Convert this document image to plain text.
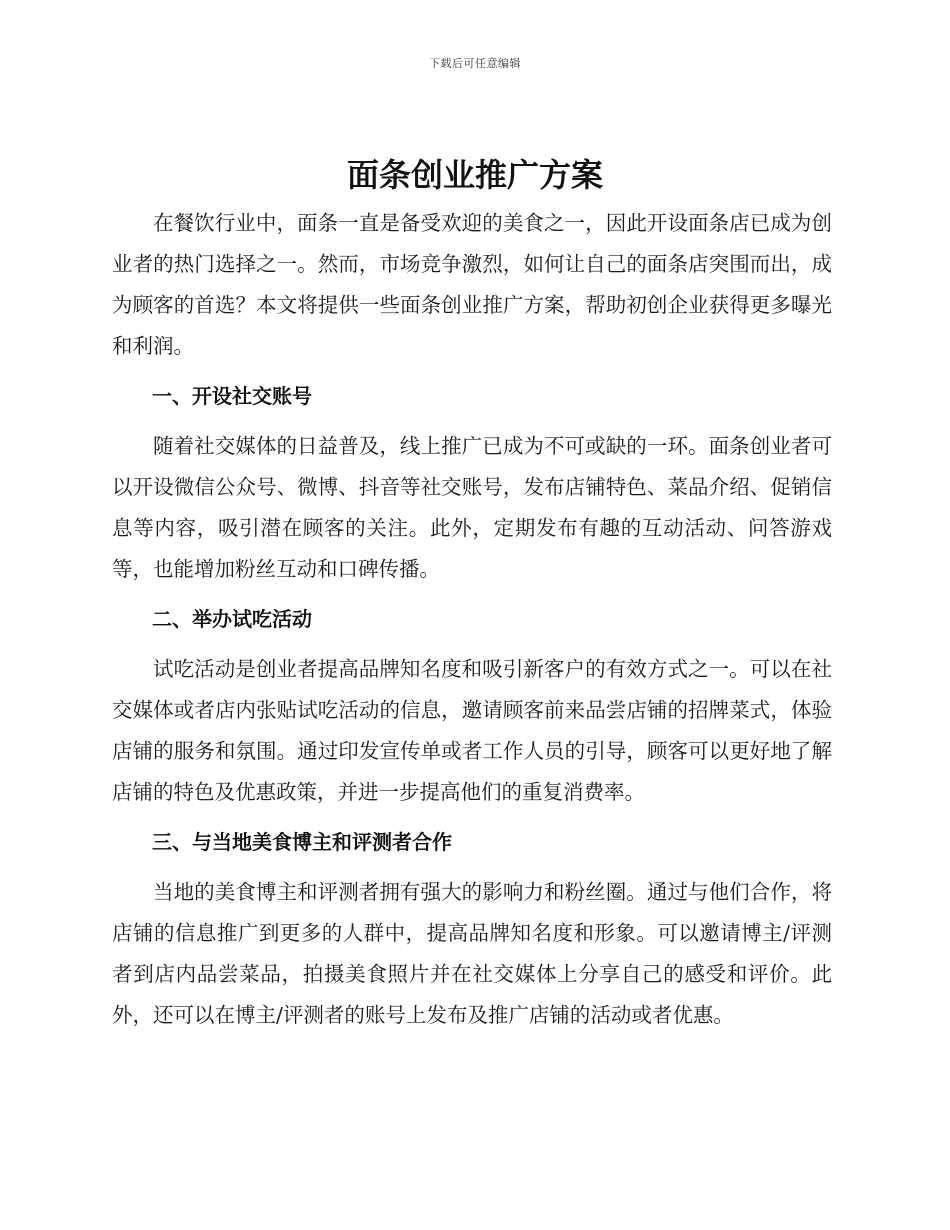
下载后可任意编辑
面条创业推广方案

在餐饮行业中，面条一直是备受欢迎的美食之一，因此开设面条店已成为创业者的热门选择之一。然而，市场竞争激烈，如何让自己的面条店突围而出，成为顾客的首选？本文将提供一些面条创业推广方案，帮助初创企业获得更多曝光和利润。

一、开设社交账号

随着社交媒体的日益普及，线上推广已成为不可或缺的一环。面条创业者可以开设微信公众号、微博、抖音等社交账号，发布店铺特色、菜品介绍、促销信息等内容，吸引潜在顾客的关注。此外，定期发布有趣的互动活动、问答游戏等，也能增加粉丝互动和口碑传播。

二、举办试吃活动

试吃活动是创业者提高品牌知名度和吸引新客户的有效方式之一。可以在社交媒体或者店内张贴试吃活动的信息，邀请顾客前来品尝店铺的招牌菜式，体验店铺的服务和氛围。通过印发宣传单或者工作人员的引导，顾客可以更好地了解店铺的特色及优惠政策，并进一步提高他们的重复消费率。

三、与当地美食博主和评测者合作

当地的美食博主和评测者拥有强大的影响力和粉丝圈。通过与他们合作，将店铺的信息推广到更多的人群中，提高品牌知名度和形象。可以邀请博主/评测者到店内品尝菜品，拍摄美食照片并在社交媒体上分享自己的感受和评价。此外，还可以在博主/评测者的账号上发布及推广店铺的活动或者优惠。
